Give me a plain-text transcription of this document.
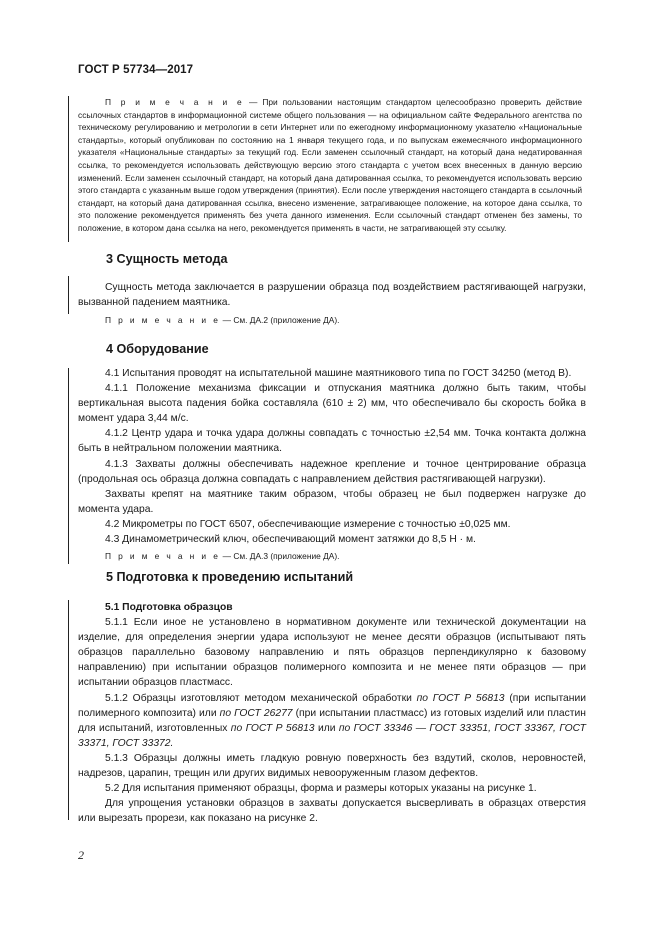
ГОСТ Р 57734—2017

П р и м е ч а н и е — При пользовании настоящим стандартом целесообразно проверить действие ссылочных стандартов в информационной системе общего пользования — на официальном сайте Федерального агентства по техническому регулированию и метрологии в сети Интернет или по ежегодному информационному указателю «Национальные стандарты», который опубликован по состоянию на 1 января текущего года, и по выпускам ежемесячного информационного указателя «Национальные стандарты» за текущий год. Если заменен ссылочный стандарт, на который дана недатированная ссылка, то рекомендуется использовать действующую версию этого стандарта с учетом всех внесенных в данную версию изменений. Если заменен ссылочный стандарт, на который дана датированная ссылка, то рекомендуется использовать версию этого стандарта с указанным выше годом утверждения (принятия). Если после утверждения настоящего стандарта в ссылочный стандарт, на который дана датированная ссылка, внесено изменение, затрагивающее положение, на которое дана ссылка, то это положение рекомендуется применять без учета данного изменения. Если ссылочный стандарт отменен без замены, то положение, в котором дана ссылка на него, рекомендуется применять в части, не затрагивающей эту ссылку.

3 Сущность метода

Сущность метода заключается в разрушении образца под воздействием растягивающей нагрузки, вызванной падением маятника.

П р и м е ч а н и е — См. ДА.2 (приложение ДА).

4 Оборудование

4.1 Испытания проводят на испытательной машине маятникового типа по ГОСТ 34250 (метод В).

4.1.1 Положение механизма фиксации и отпускания маятника должно быть таким, чтобы вертикальная высота падения бойка составляла (610 ± 2) мм, что обеспечивало бы скорость бойка в момент удара 3,44 м/с.

4.1.2 Центр удара и точка удара должны совпадать с точностью ±2,54 мм. Точка контакта должна быть в нейтральном положении маятника.

4.1.3 Захваты должны обеспечивать надежное крепление и точное центрирование образца (продольная ось образца должна совпадать с направлением действия растягивающей нагрузки).

Захваты крепят на маятнике таким образом, чтобы образец не был подвержен нагрузке до момента удара.

4.2 Микрометры по ГОСТ 6507, обеспечивающие измерение с точностью ±0,025 мм.

4.3 Динамометрический ключ, обеспечивающий момент затяжки до 8,5 Н · м.

П р и м е ч а н и е — См. ДА.3 (приложение ДА).

5 Подготовка к проведению испытаний

5.1 Подготовка образцов

5.1.1 Если иное не установлено в нормативном документе или технической документации на изделие, для определения энергии удара используют не менее десяти образцов (испытывают пять образцов параллельно базовому направлению и пять образцов перпендикулярно к базовому направлению) при испытании образцов полимерного композита и не менее пяти образцов — при испытании образцов пластмасс.

5.1.2 Образцы изготовляют методом механической обработки по ГОСТ Р 56813 (при испытании полимерного композита) или по ГОСТ 26277 (при испытании пластмасс) из готовых изделий или пластин для испытаний, изготовленных по ГОСТ Р 56813 или по ГОСТ 33346 — ГОСТ 33351, ГОСТ 33367, ГОСТ 33371, ГОСТ 33372.

5.1.3 Образцы должны иметь гладкую ровную поверхность без вздутий, сколов, неровностей, надрезов, царапин, трещин или других видимых невооруженным глазом дефектов.

5.2 Для испытания применяют образцы, форма и размеры которых указаны на рисунке 1.

Для упрощения установки образцов в захваты допускается высверливать в образцах отверстия или вырезать прорези, как показано на рисунке 2.

2
